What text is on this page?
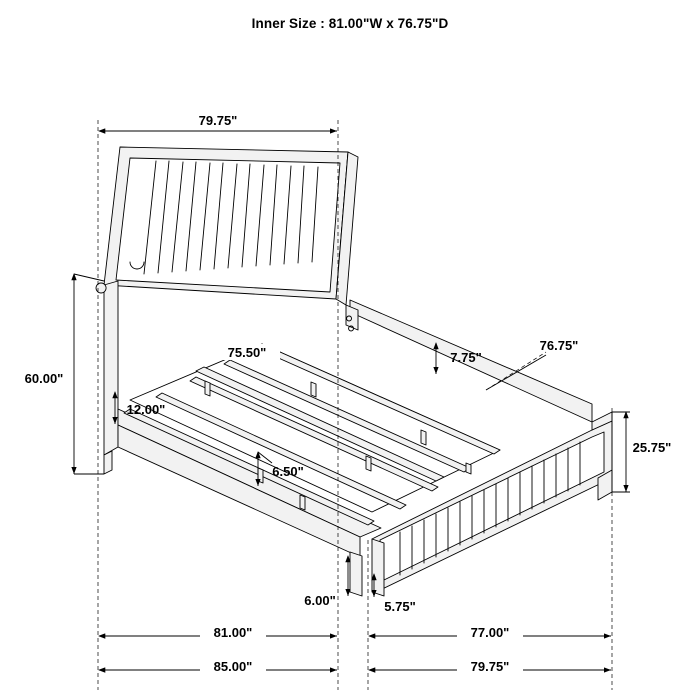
Inner Size : 81.00"W x 76.75"D
79.75"
60.00"
75.50"
12.00"
6.50"
7.75"
76.75"
25.75"
6.00"	5.75"
81.00"	77.00"
85.00"	79.75"
